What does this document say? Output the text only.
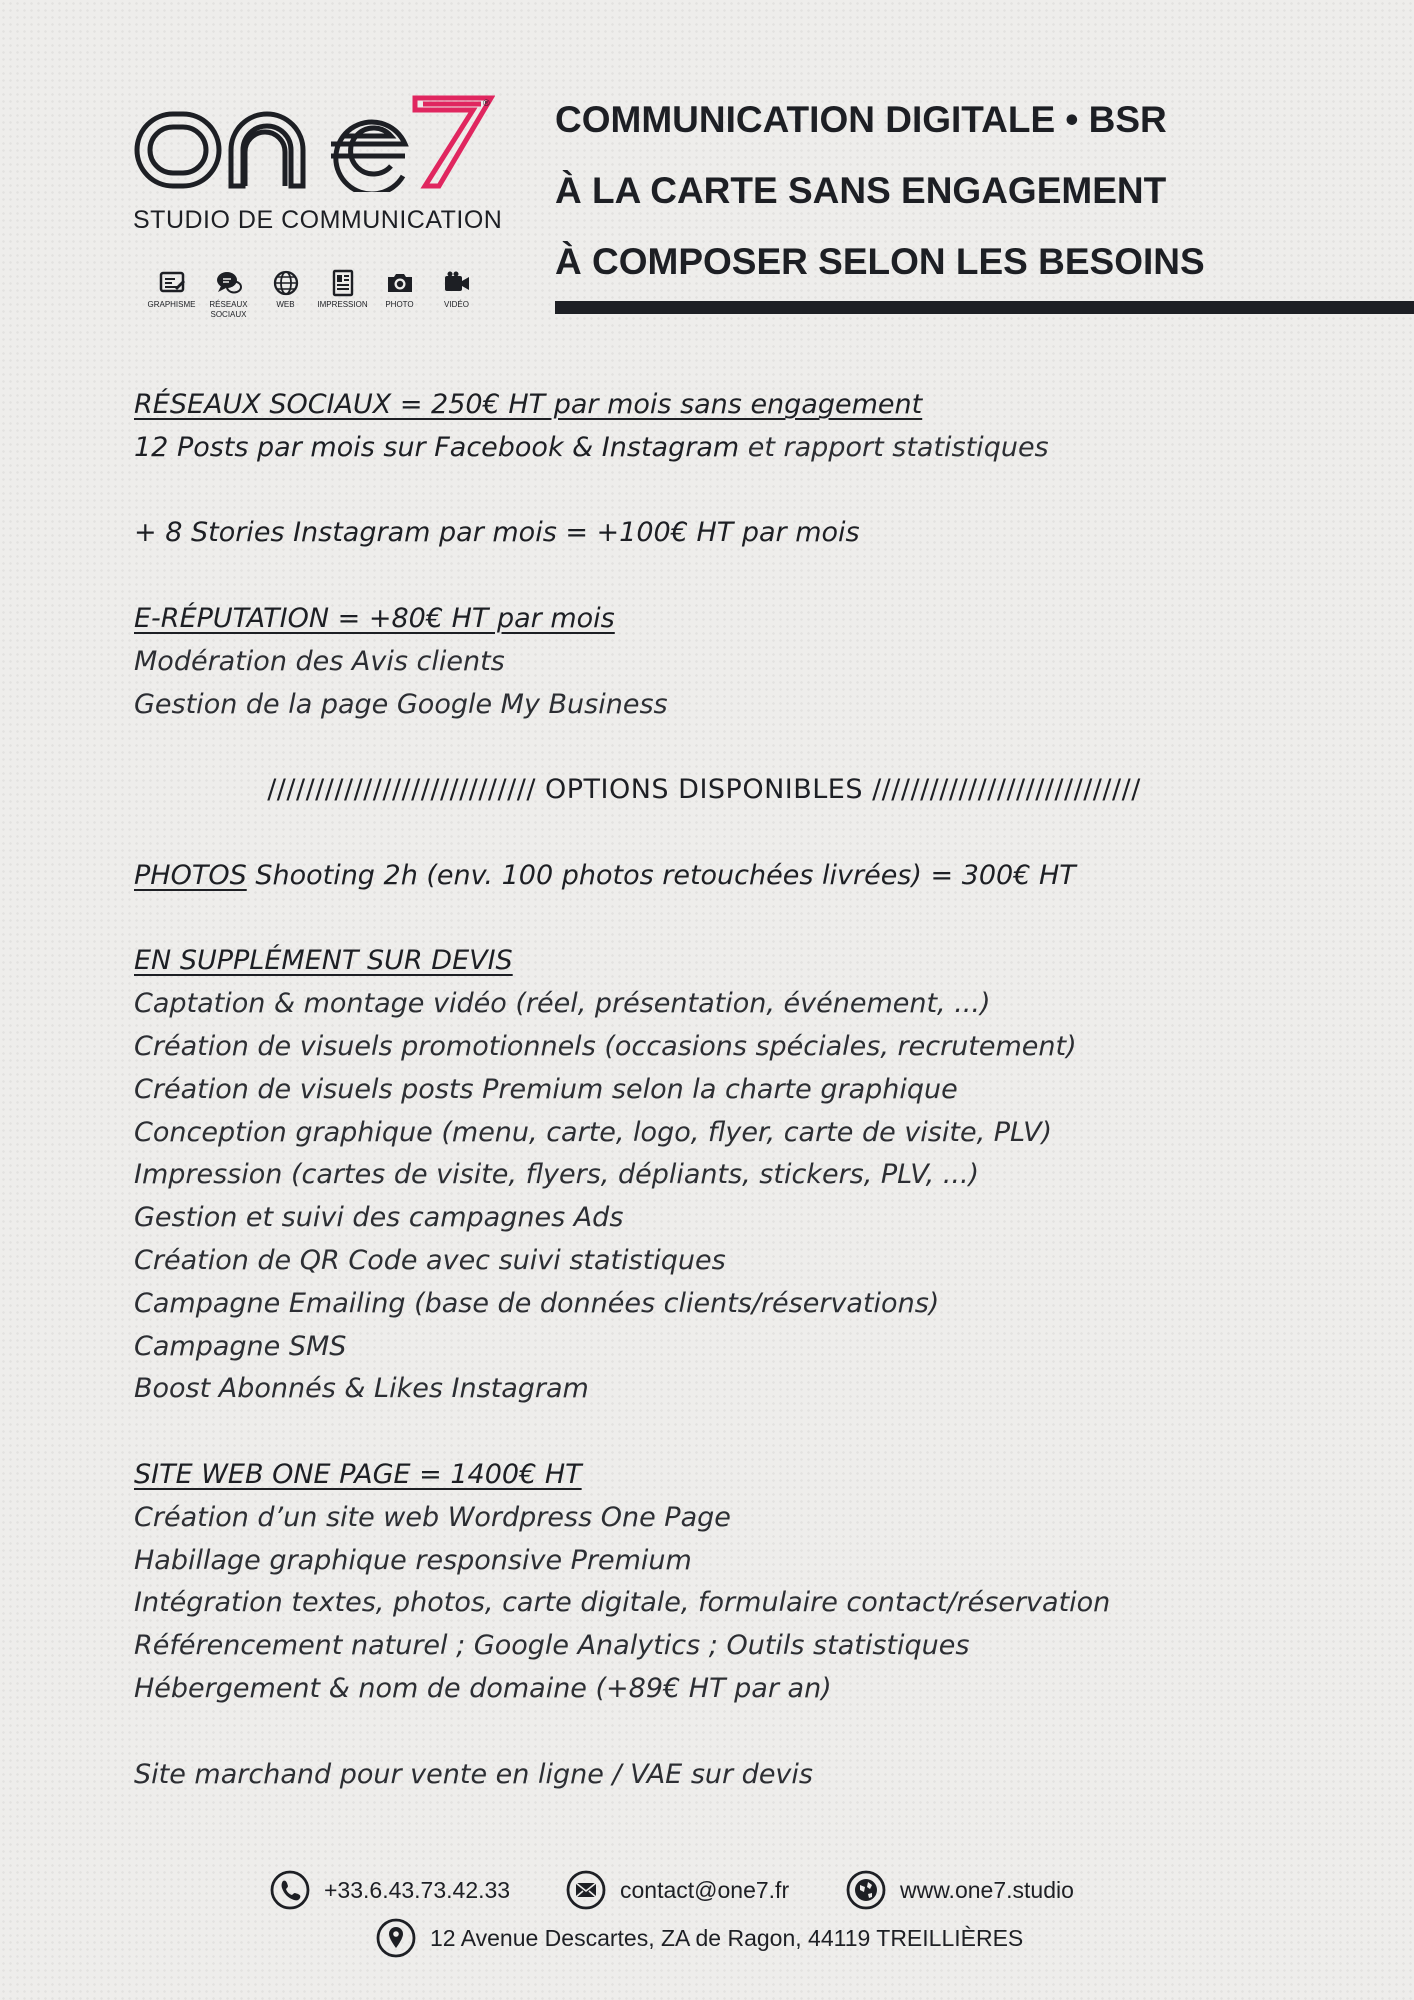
®
STUDIO DE COMMUNICATION
GRAPHISME	RÉSEAUX SOCIAUX
WEB	IMPRESSION	PHOTO	VIDÉO
COMMUNICATION DIGITALE • BSR
À LA CARTE SANS ENGAGEMENT
À COMPOSER SELON LES BESOINS
RÉSEAUX SOCIAUX = 250€ HT par mois sans engagement
12 Posts par mois sur Facebook & Instagram et rapport statistiques
+ 8 Stories Instagram par mois = +100€ HT par mois
E-RÉPUTATION = +80€ HT par mois
Modération des Avis clients
Gestion de la page Google My Business
//////////////////////////// OPTIONS DISPONIBLES ////////////////////////////
PHOTOS Shooting 2h (env. 100 photos retouchées livrées) = 300€ HT
EN SUPPLÉMENT SUR DEVIS
Captation & montage vidéo (réel, présentation, événement, ...)
Création de visuels promotionnels (occasions spéciales, recrutement)
Création de visuels posts Premium selon la charte graphique
Conception graphique (menu, carte, logo, flyer, carte de visite, PLV)
Impression (cartes de visite, flyers, dépliants, stickers, PLV, ...)
Gestion et suivi des campagnes Ads
Création de QR Code avec suivi statistiques
Campagne Emailing (base de données clients/réservations)
Campagne SMS
Boost Abonnés & Likes Instagram
SITE WEB ONE PAGE = 1400€ HT
Création d’un site web Wordpress One Page
Habillage graphique responsive Premium
Intégration textes, photos, carte digitale, formulaire contact/réservation
Référencement naturel ; Google Analytics ; Outils statistiques
Hébergement & nom de domaine (+89€ HT par an)
Site marchand pour vente en ligne / VAE sur devis
+33.6.43.73.42.33	contact@one7.fr	www.one7.studio
12 Avenue Descartes, ZA de Ragon, 44119 TREILLIÈRES
